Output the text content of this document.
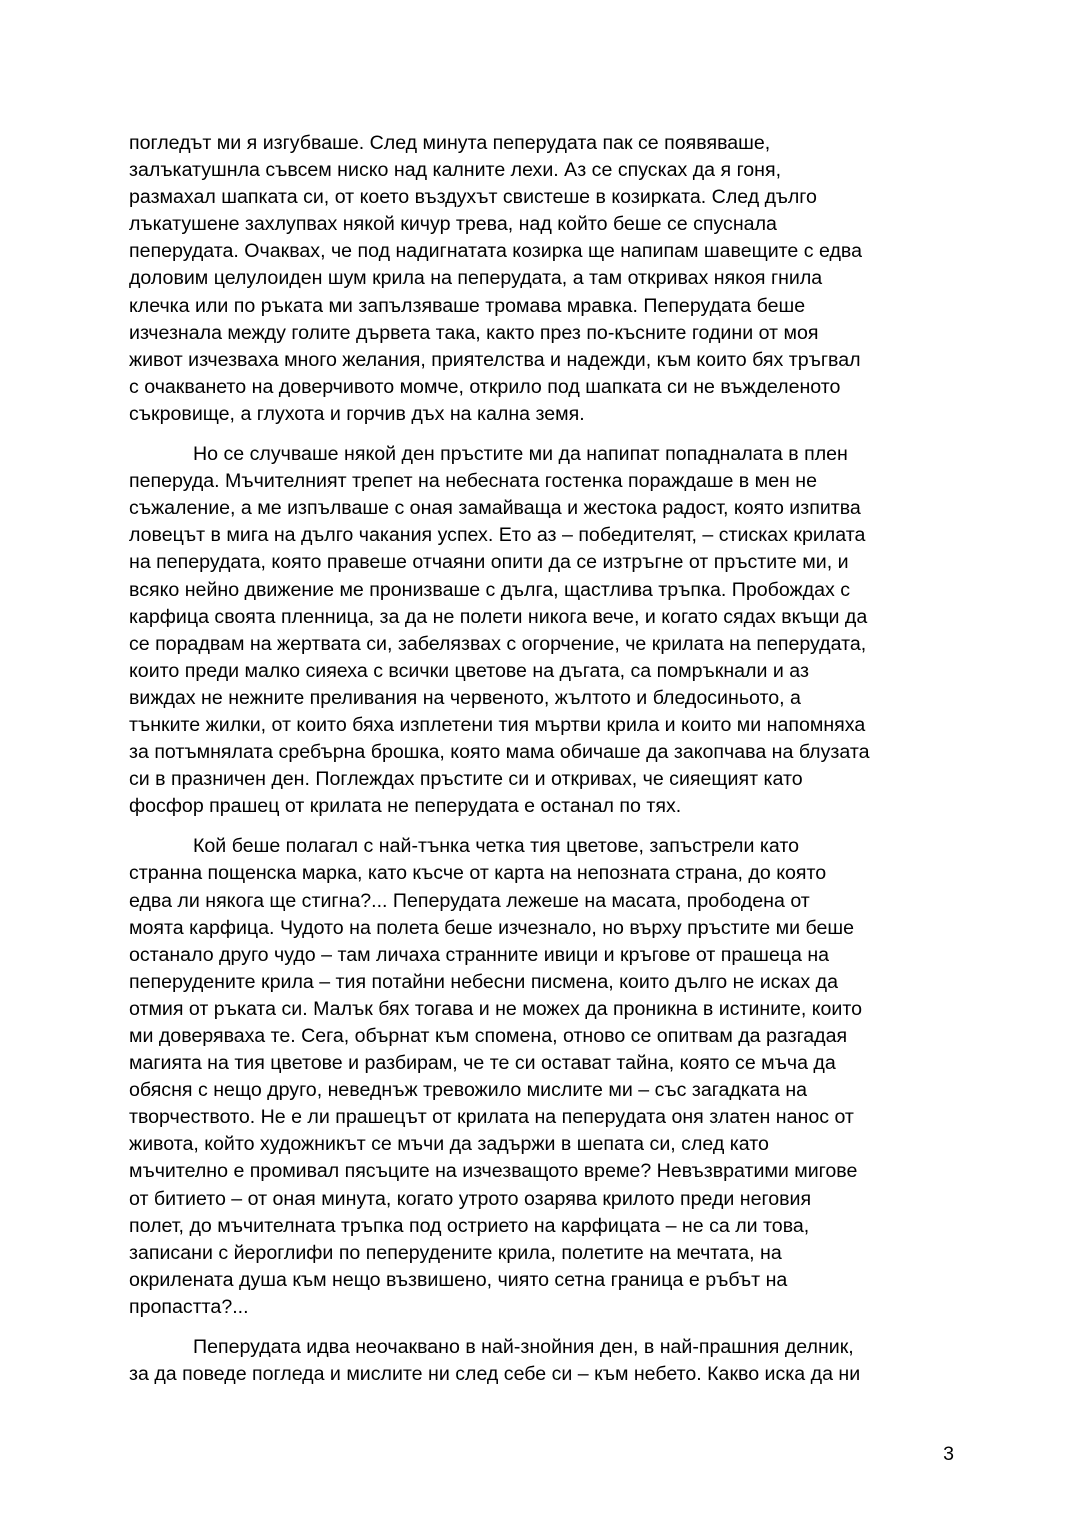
погледът ми я изгубваше. След минута пеперудата пак се появяваше,
залъкатушнла съвсем ниско над калните лехи. Аз се спусках да я гоня,
размахал шапката си, от което въздухът свистеше в козирката. След дълго
лъкатушене захлупвах някой кичур трева, над който беше се спуснала
пеперудата. Очаквах, че под надигнатата козирка ще напипам шавещите с едва
доловим целулоиден шум крила на пеперудата, а там откривах някоя гнила
клечка или по ръката ми запълзяваше тромава мравка. Пеперудата беше
изчезнала между голите дървета така, както през по-късните години от моя
живот изчезваха много желания, приятелства и надежди, към които бях тръгвал
с очакването на доверчивото момче, открило под шапката си не въжделеното
съкровище, а глухота и горчив дъх на кална земя.
Но се случваше някой ден пръстите ми да напипат попадналата в плен
пеперуда. Мъчителният трепет на небесната гостенка пораждаше в мен не
съжаление, а ме изпълваше с оная замайваща и жестока радост, която изпитва
ловецът в мига на дълго чакания успех. Ето аз – победителят, – стисках крилата
на пеперудата, която правеше отчаяни опити да се изтръгне от пръстите ми, и
всяко нейно движение ме пронизваше с дълга, щастлива тръпка. Пробождах с
карфица своята пленница, за да не полети никога вече, и когато сядах вкъщи да
се порадвам на жертвата си, забелязвах с огорчение, че крилата на пеперудата,
които преди малко сияеха с всички цветове на дъгата, са помръкнали и аз
виждах не нежните преливания на червеното, жълтото и бледосиньото, а
тънките жилки, от които бяха изплетени тия мъртви крила и които ми напомняха
за потъмнялата сребърна брошка, която мама обичаше да закопчава на блузата
си в празничен ден. Поглеждах пръстите си и откривах, че сияещият като
фосфор прашец от крилата не пеперудата е останал по тях.
Кой беше полагал с най-тънка четка тия цветове, запъстрели като
странна пощенска марка, като късче от карта на непозната страна, до която
едва ли някога ще стигна?... Пеперудата лежеше на масата, прободена от
моята карфица. Чудото на полета беше изчезнало, но върху пръстите ми беше
останало друго чудо – там личаха странните ивици и кръгове от прашеца на
пеперудените крила – тия потайни небесни писмена, които дълго не исках да
отмия от ръката си. Малък бях тогава и не можех да проникна в истините, които
ми доверяваха те. Сега, обърнат към спомена, отново се опитвам да разгадая
магията на тия цветове и разбирам, че те си остават тайна, която се мъча да
обясня с нещо друго, неведнъж тревожило мислите ми – със загадката на
творчеството. Не е ли прашецът от крилата на пеперудата оня златен нанос от
живота, който художникът се мъчи да задържи в шепата си, след като
мъчително е промивал пясъците на изчезващото време? Невъзвратими мигове
от битието – от оная минута, когато утрото озарява крилото преди неговия
полет, до мъчителната тръпка под острието на карфицата – не са ли това,
записани с йероглифи по пеперудените крила, полетите на мечтата, на
окрилената душа към нещо възвишено, чиято сетна граница е ръбът на
пропастта?...
Пеперудата идва неочаквано в най-знойния ден, в най-прашния делник,
за да поведе погледа и мислите ни след себе си – към небето. Какво иска да ни
3
